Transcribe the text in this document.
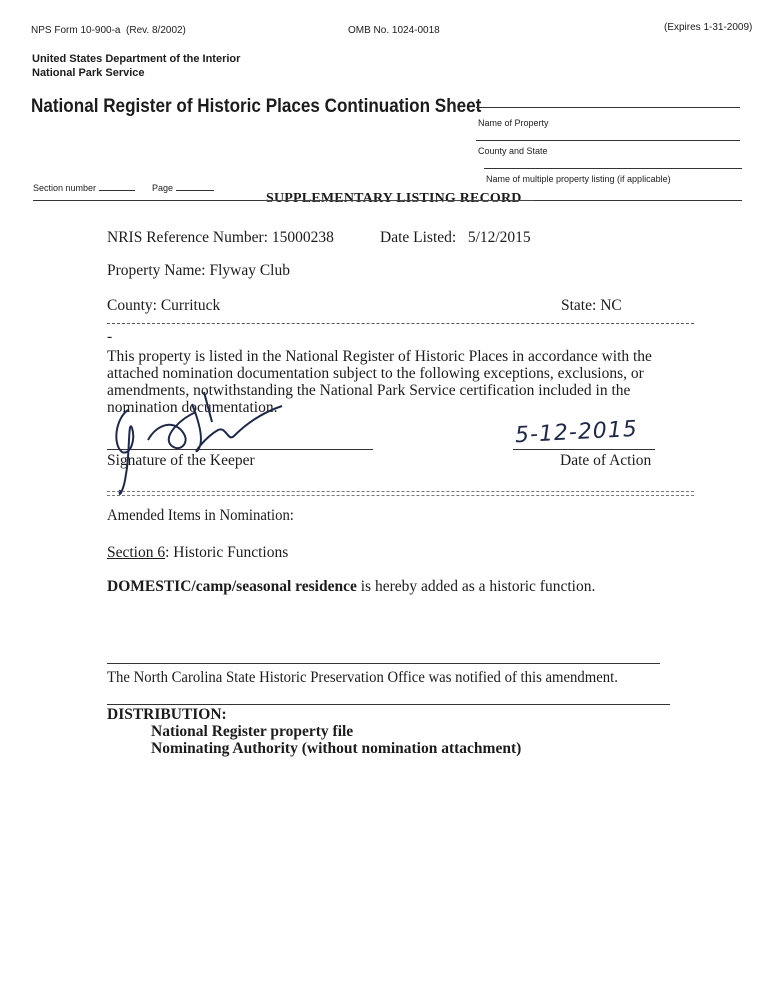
NPS Form 10-900-a (Rev. 8/2002)	OMB No. 1024-0018	(Expires 1-31-2009)
United States Department of the Interior
National Park Service
National Register of Historic Places Continuation Sheet
Name of Property
County and State
Name of multiple property listing (if applicable)
Section number	Page
SUPPLEMENTARY LISTING RECORD
NRIS Reference Number: 15000238	Date Listed: 5/12/2015
Property Name: Flyway Club
County: Currituck	State: NC
-
This property is listed in the National Register of Historic Places in accordance with the attached nomination documentation subject to the following exceptions, exclusions, or amendments, notwithstanding the National Park Service certification included in the nomination documentation.
Signature of the Keeper
5-12-2015
Date of Action
Amended Items in Nomination:
Section 6: Historic Functions
DOMESTIC/camp/seasonal residence is hereby added as a historic function.
The North Carolina State Historic Preservation Office was notified of this amendment.
DISTRIBUTION:
National Register property file
Nominating Authority (without nomination attachment)
